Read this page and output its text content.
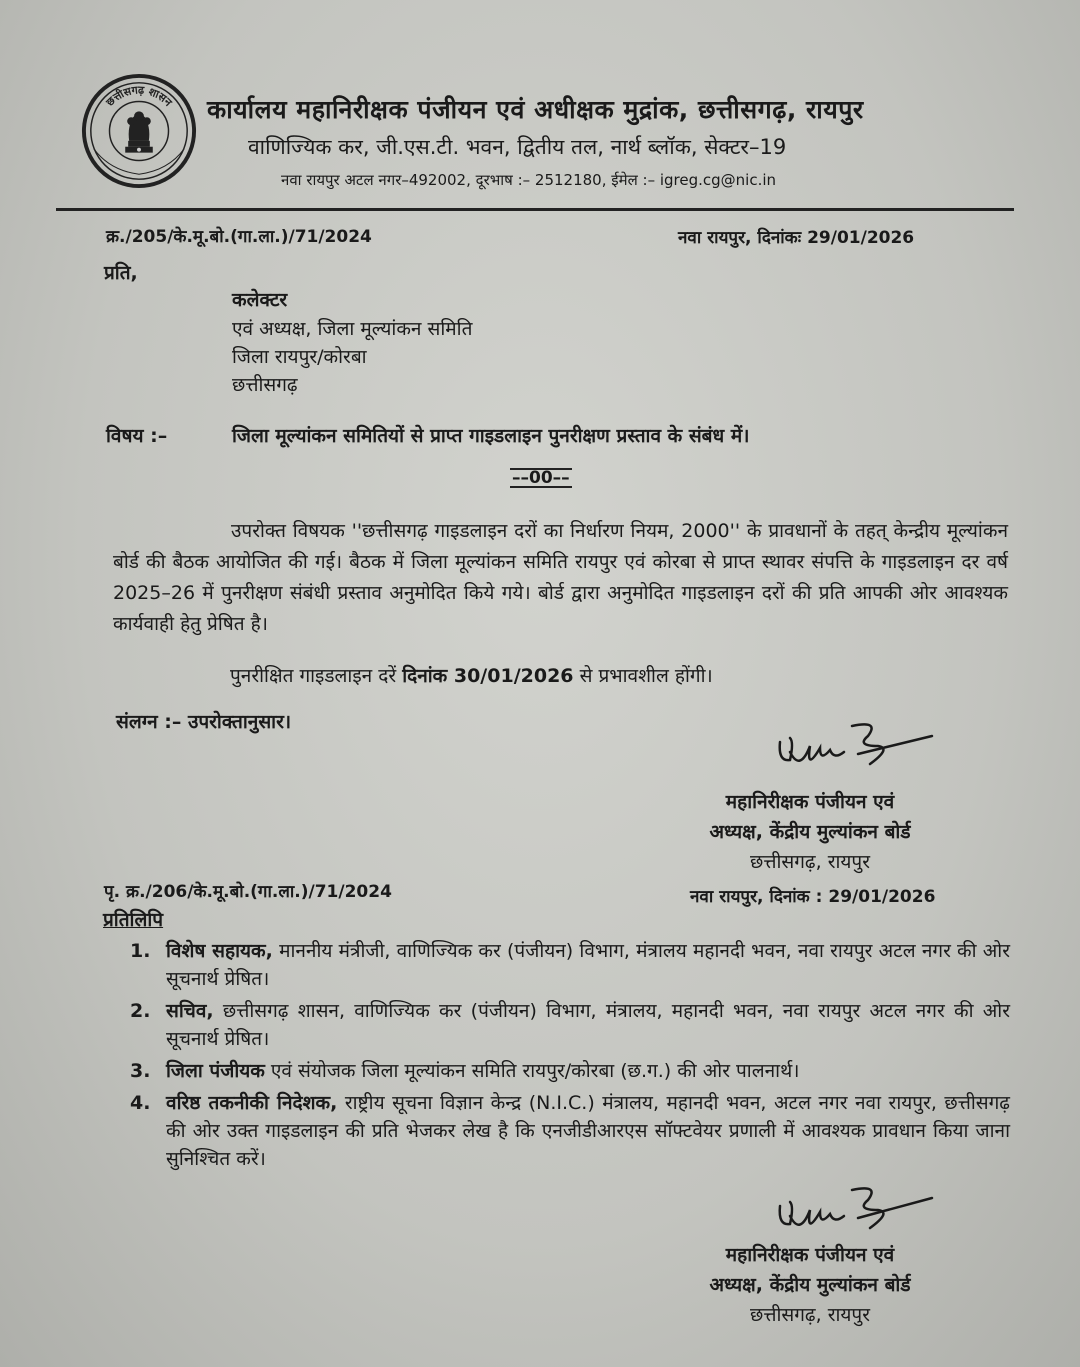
छत्तीसगढ़ शासन कार्यालय महानिरीक्षक पंजीयन एवं अधीक्षक मुद्रांक, छत्तीसगढ़, रायपुर
वाणिज्यिक कर, जी.एस.टी. भवन, द्वितीय तल, नार्थ ब्लॉक, सेक्टर–19
नवा रायपुर अटल नगर–492002, दूरभाष :– 2512180, ईमेल :– igreg.cg@nic.in
क्र./205/के.मू.बो.(गा.ला.)/71/2024	नवा रायपुर, दिनांकः 29/01/2026
प्रति,
कलेक्टर
एवं अध्यक्ष, जिला मूल्यांकन समिति
जिला रायपुर/कोरबा
छत्तीसगढ़
विषय :–	जिला मूल्यांकन समितियों से प्राप्त गाइडलाइन पुनरीक्षण प्रस्ताव के संबंध में।
––00––
उपरोक्त विषयक ''छत्तीसगढ़ गाइडलाइन दरों का निर्धारण नियम, 2000'' के प्रावधानों के तहत् केन्द्रीय मूल्यांकन बोर्ड की बैठक आयोजित की गई। बैठक में जिला मूल्यांकन समिति रायपुर एवं कोरबा से प्राप्त स्थावर संपत्ति के गाइडलाइन दर वर्ष 2025–26 में पुनरीक्षण संबंधी प्रस्ताव अनुमोदित किये गये। बोर्ड द्वारा अनुमोदित गाइडलाइन दरों की प्रति आपकी ओर आवश्यक कार्यवाही हेतु प्रेषित है।
पुनरीक्षित गाइडलाइन दरें दिनांक 30/01/2026 से प्रभावशील होंगी।
संलग्न :– उपरोक्तानुसार।
महानिरीक्षक पंजीयन एवं
अध्यक्ष, केंद्रीय मुल्यांकन बोर्ड
छत्तीसगढ़, रायपुर
पृ. क्र./206/के.मू.बो.(गा.ला.)/71/2024	नवा रायपुर, दिनांक : 29/01/2026
प्रतिलिपि
1. विशेष सहायक, माननीय मंत्रीजी, वाणिज्यिक कर (पंजीयन) विभाग, मंत्रालय महानदी भवन, नवा रायपुर अटल नगर की ओर सूचनार्थ प्रेषित।
2. सचिव, छत्तीसगढ़ शासन, वाणिज्यिक कर (पंजीयन) विभाग, मंत्रालय, महानदी भवन, नवा रायपुर अटल नगर की ओर सूचनार्थ प्रेषित।
3. जिला पंजीयक एवं संयोजक जिला मूल्यांकन समिति रायपुर/कोरबा (छ.ग.) की ओर पालनार्थ।
4. वरिष्ठ तकनीकी निदेशक, राष्ट्रीय सूचना विज्ञान केन्द्र (N.I.C.) मंत्रालय, महानदी भवन, अटल नगर नवा रायपुर, छत्तीसगढ़ की ओर उक्त गाइडलाइन की प्रति भेजकर लेख है कि एनजीडीआरएस सॉफ्टवेयर प्रणाली में आवश्यक प्रावधान किया जाना सुनिश्चित करें।
महानिरीक्षक पंजीयन एवं
अध्यक्ष, केंद्रीय मुल्यांकन बोर्ड
छत्तीसगढ़, रायपुर
